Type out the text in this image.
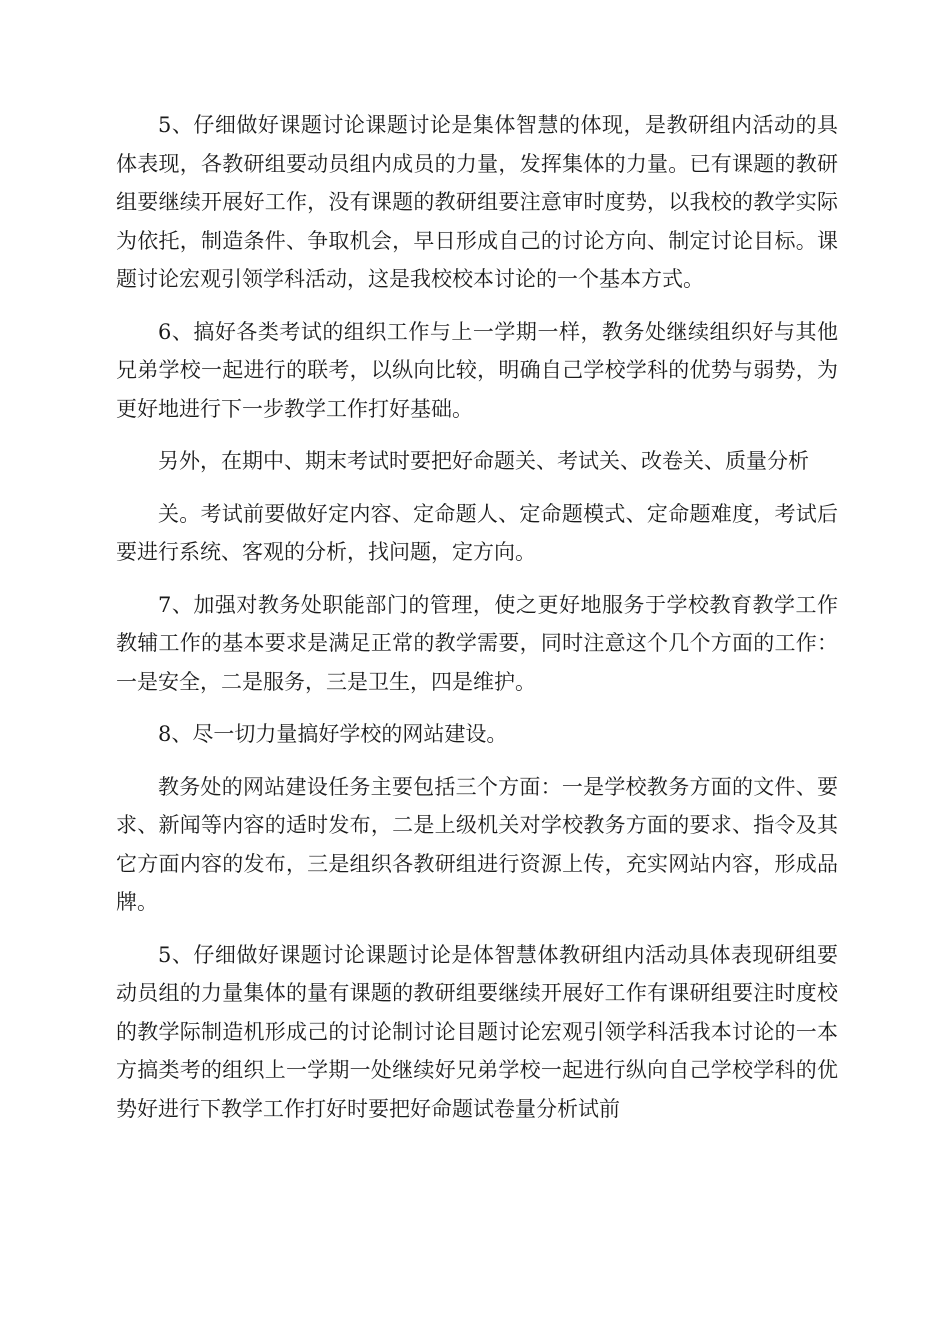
5、仔细做好课题讨论课题讨论是集体智慧的体现，是教研组内活动的具体表现，各教研组要动员组内成员的力量，发挥集体的力量。已有课题的教研组要继续开展好工作，没有课题的教研组要注意审时度势，以我校的教学实际为依托，制造条件、争取机会，早日形成自己的讨论方向、制定讨论目标。课题讨论宏观引领学科活动，这是我校校本讨论的一个基本方式。

6、搞好各类考试的组织工作与上一学期一样，教务处继续组织好与其他兄弟学校一起进行的联考，以纵向比较，明确自己学校学科的优势与弱势，为更好地进行下一步教学工作打好基础。

另外，在期中、期末考试时要把好命题关、考试关、改卷关、质量分析

关。考试前要做好定内容、定命题人、定命题模式、定命题难度，考试后要进行系统、客观的分析，找问题，定方向。

7、加强对教务处职能部门的管理，使之更好地服务于学校教育教学工作教辅工作的基本要求是满足正常的教学需要，同时注意这个几个方面的工作：一是安全，二是服务，三是卫生，四是维护。

8、尽一切力量搞好学校的网站建设。

教务处的网站建设任务主要包括三个方面：一是学校教务方面的文件、要求、新闻等内容的适时发布，二是上级机关对学校教务方面的要求、指令及其它方面内容的发布，三是组织各教研组进行资源上传，充实网站内容，形成品牌。

5、仔细做好课题讨论课题讨论是体智慧体教研组内活动具体表现研组要动员组的力量集体的量有课题的教研组要继续开展好工作有课研组要注时度校的教学际制造机形成己的讨论制讨论目题讨论宏观引领学科活我本讨论的一本方搞类考的组织上一学期一处继续好兄弟学校一起进行纵向自己学校学科的优势好进行下教学工作打好时要把好命题试卷量分析试前
